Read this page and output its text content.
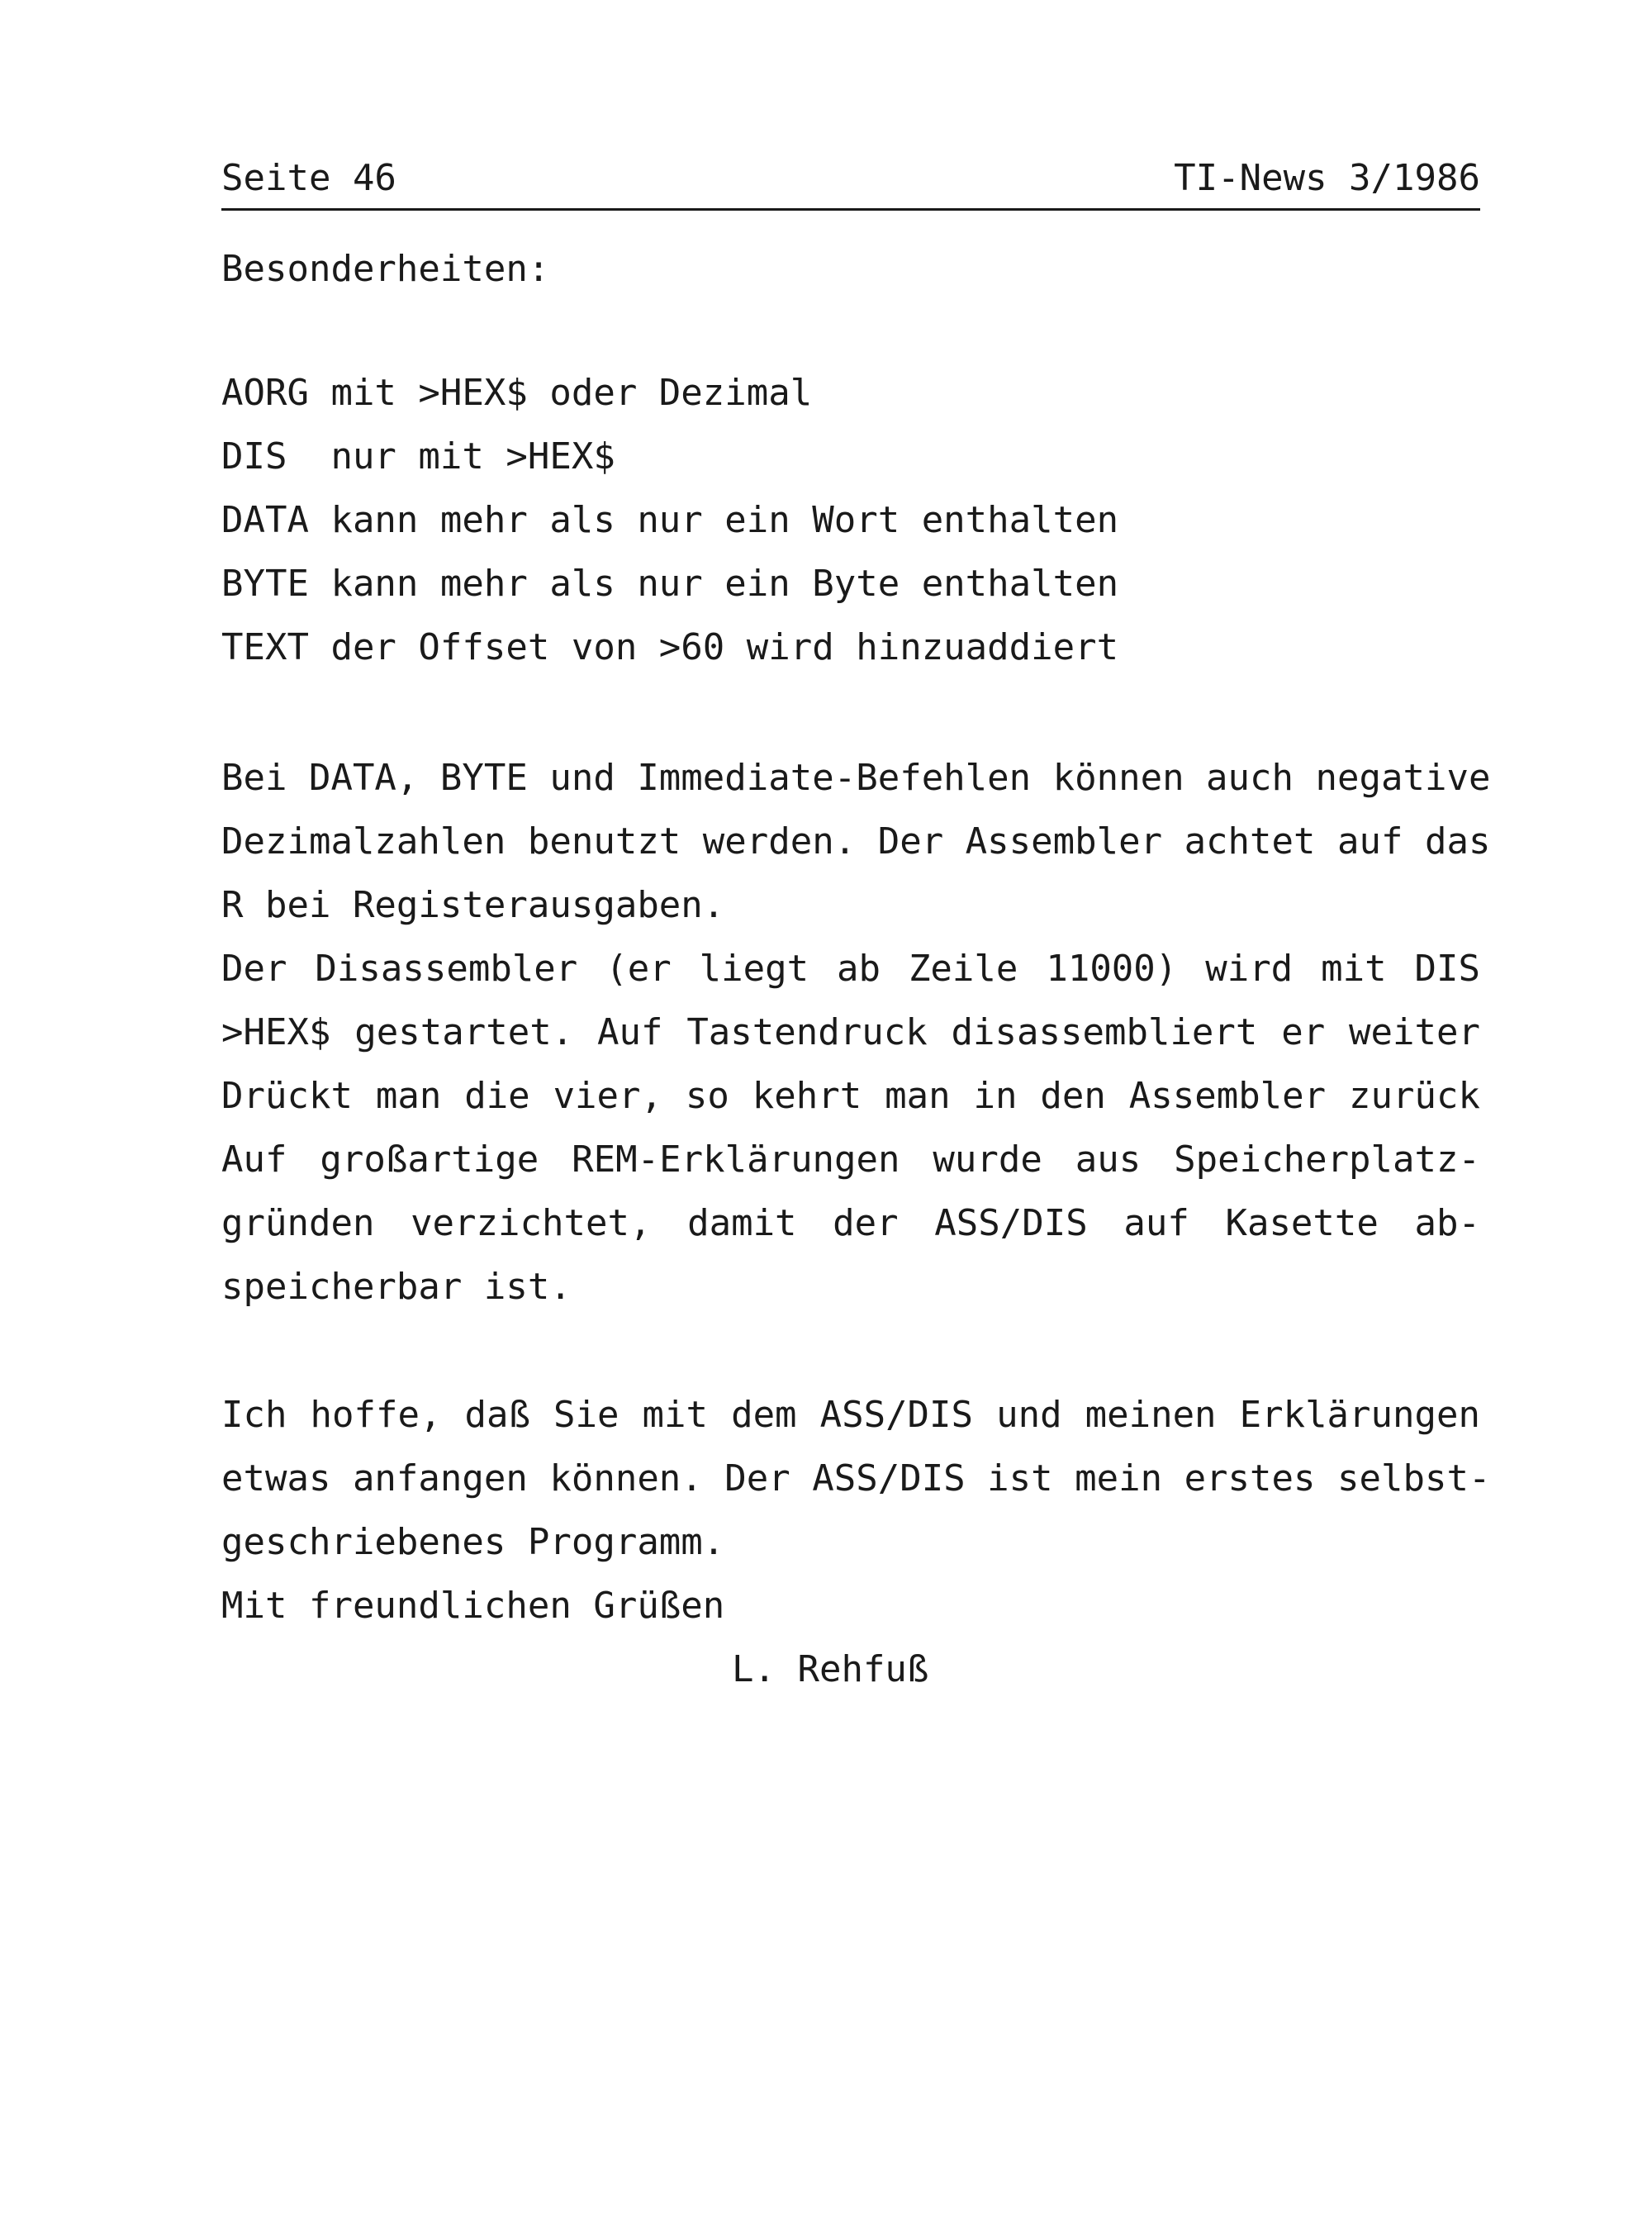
Seite 46	TI-News 3/1986
Besonderheiten:
AORG mit >HEX$ oder Dezimal
DIS  nur mit >HEX$
DATA kann mehr als nur ein Wort enthalten
BYTE kann mehr als nur ein Byte enthalten
TEXT der Offset von >60 wird hinzuaddiert
Bei DATA, BYTE und Immediate-Befehlen können auch negative
Dezimalzahlen benutzt werden. Der Assembler achtet auf das
R bei Registerausgaben.
Der Disassembler (er liegt ab Zeile 11000) wird mit DIS
>HEX$ gestartet. Auf Tastendruck disassembliert er weiter
Drückt man die vier, so kehrt man in den Assembler zurück
Auf großartige REM-Erklärungen wurde aus Speicherplatz-
gründen verzichtet, damit der ASS/DIS auf Kasette ab-
speicherbar ist.
Ich hoffe, daß Sie mit dem ASS/DIS und meinen Erklärungen
etwas anfangen können. Der ASS/DIS ist mein erstes selbst-
geschriebenes Programm.
Mit freundlichen Grüßen
L. Rehfuß
